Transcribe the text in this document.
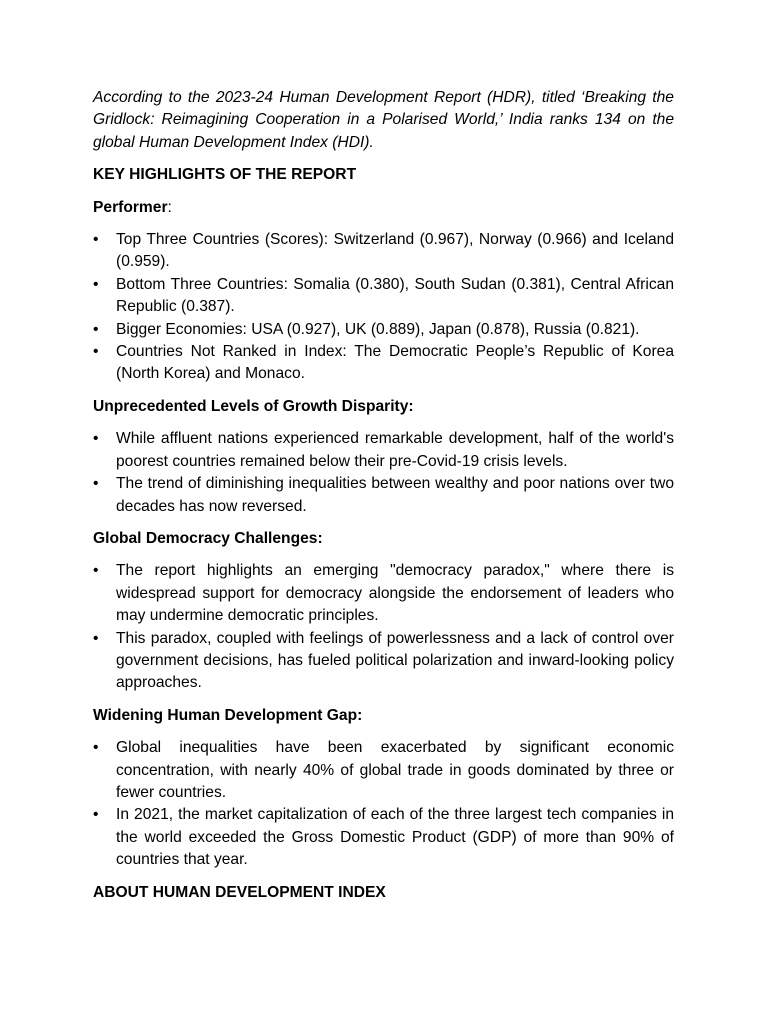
According to the 2023-24 Human Development Report (HDR), titled ‘Breaking the Gridlock: Reimagining Cooperation in a Polarised World,’ India ranks 134 on the global Human Development Index (HDI).

KEY HIGHLIGHTS OF THE REPORT

Performer:

•	Top Three Countries (Scores): Switzerland (0.967), Norway (0.966) and Iceland (0.959).
•	Bottom Three Countries: Somalia (0.380), South Sudan (0.381), Central African Republic (0.387).
•	Bigger Economies: USA (0.927), UK (0.889), Japan (0.878), Russia (0.821).
•	Countries Not Ranked in Index: The Democratic People’s Republic of Korea (North Korea) and Monaco.

Unprecedented Levels of Growth Disparity:

•	While affluent nations experienced remarkable development, half of the world's poorest countries remained below their pre-Covid-19 crisis levels.
•	The trend of diminishing inequalities between wealthy and poor nations over two decades has now reversed.

Global Democracy Challenges:

•	The report highlights an emerging "democracy paradox," where there is widespread support for democracy alongside the endorsement of leaders who may undermine democratic principles.
•	This paradox, coupled with feelings of powerlessness and a lack of control over government decisions, has fueled political polarization and inward-looking policy approaches.

Widening Human Development Gap:

•	Global inequalities have been exacerbated by significant economic concentration, with nearly 40% of global trade in goods dominated by three or fewer countries.
•	In 2021, the market capitalization of each of the three largest tech companies in the world exceeded the Gross Domestic Product (GDP) of more than 90% of countries that year.

ABOUT HUMAN DEVELOPMENT INDEX
